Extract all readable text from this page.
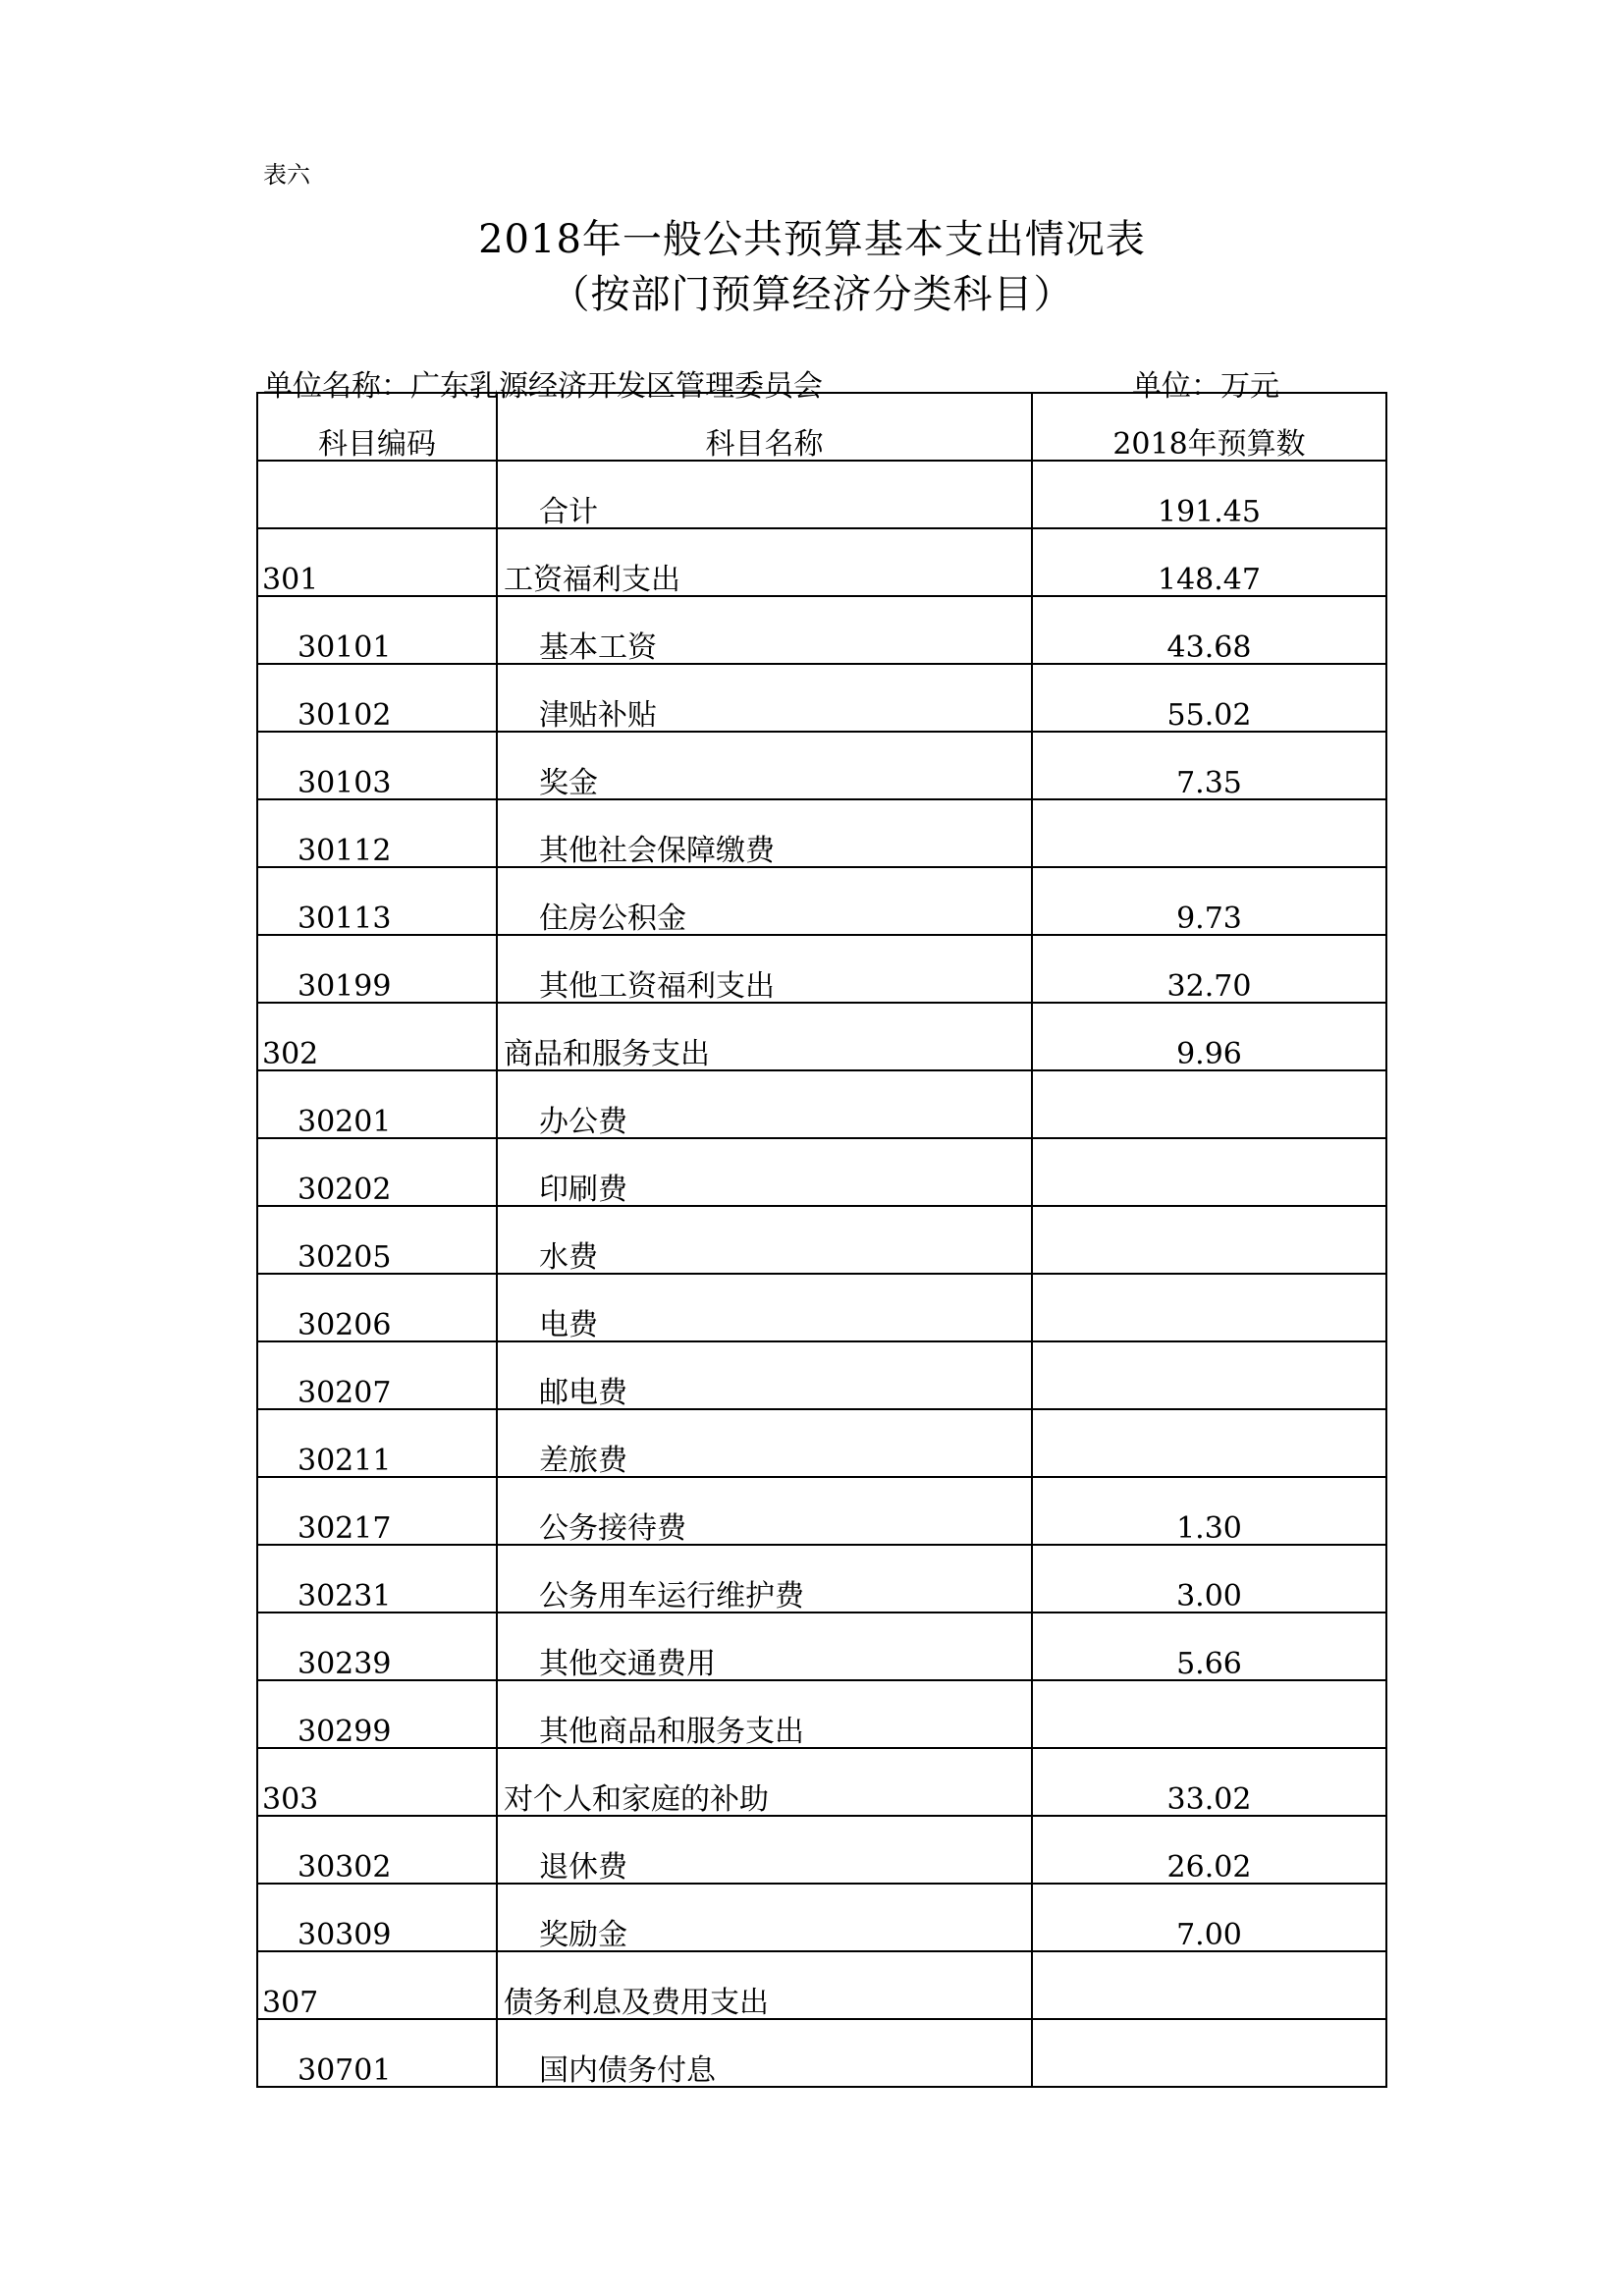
表六
2018年一般公共预算基本支出情况表
（按部门预算经济分类科目）
单位名称：广东乳源经济开发区管理委员会	单位：万元
科目编码	科目名称	2018年预算数
	合计	191.45
301	工资福利支出	148.47
30101	基本工资	43.68
30102	津贴补贴	55.02
30103	奖金	7.35
30112	其他社会保障缴费	
30113	住房公积金	9.73
30199	其他工资福利支出	32.70
302	商品和服务支出	9.96
30201	办公费	
30202	印刷费	
30205	水费	
30206	电费	
30207	邮电费	
30211	差旅费	
30217	公务接待费	1.30
30231	公务用车运行维护费	3.00
30239	其他交通费用	5.66
30299	其他商品和服务支出	
303	对个人和家庭的补助	33.02
30302	退休费	26.02
30309	奖励金	7.00
307	债务利息及费用支出	
30701	国内债务付息	
